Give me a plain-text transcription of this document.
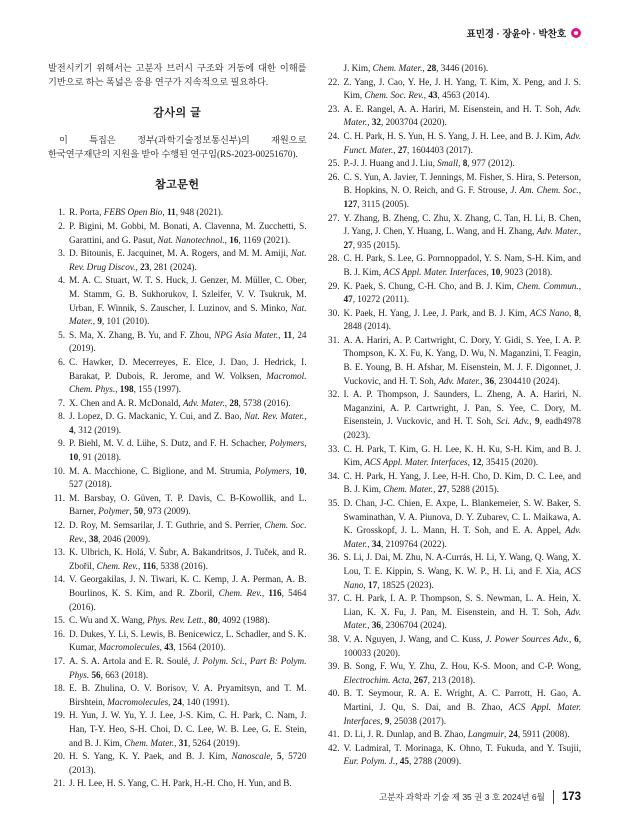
표민경 · 장윤아 · 박찬호

발전시키기 위해서는 고분자 브러시 구조와 거동에 대한 이해를 기반으로 하는 폭넓은 응용 연구가 지속적으로 필요하다.

감사의 글

이 특집은 정부(과학기술정보통신부)의 재원으로 한국연구재단의 지원을 받아 수행된 연구임(RS-2023-00251670).

참고문헌
1. R. Porta, FEBS Open Bio, 11, 948 (2021).
2. P. Bigini, M. Gobbi, M. Bonati, A. Clavenna, M. Zucchetti, S. Garattini, and G. Pasut, Nat. Nanotechnol., 16, 1169 (2021).
3. D. Bitounis, E. Jacquinet, M. A. Rogers, and M. M. Amiji, Nat. Rev. Drug Discov., 23, 281 (2024).
4. M. A. C. Stuart, W. T. S. Huck, J. Genzer, M. Müller, C. Ober, M. Stamm, G. B. Sukhorukov, I. Szleifer, V. V. Tsukruk, M. Urban, F. Winnik, S. Zauscher, I. Luzinov, and S. Minko, Nat. Mater., 9, 101 (2010).
5. S. Ma, X. Zhang, B. Yu, and F. Zhou, NPG Asia Mater., 11, 24 (2019).
6. C. Hawker, D. Mecerreyes, E. Elce, J. Dao, J. Hedrick, I. Barakat, P. Dubois, R. Jerome, and W. Volksen, Macromol. Chem. Phys., 198, 155 (1997).
7. X. Chen and A. R. McDonald, Adv. Mater., 28, 5738 (2016).
8. J. Lopez, D. G. Mackanic, Y. Cui, and Z. Bao, Nat. Rev. Mater., 4, 312 (2019).
9. P. Biehl, M. V. d. Lühe, S. Dutz, and F. H. Schacher, Polymers, 10, 91 (2018).
10. M. A. Macchione, C. Biglione, and M. Strumia, Polymers, 10, 527 (2018).
11. M. Barsbay, O. Güven, T. P. Davis, C. B-Kowollik, and L. Barner, Polymer, 50, 973 (2009).
12. D. Roy, M. Semsarilar, J. T. Guthrie, and S. Perrier, Chem. Soc. Rev., 38, 2046 (2009).
13. K. Ulbrich, K. Holá, V. Šubr, A. Bakandritsos, J. Tuček, and R. Zbořil, Chem. Rev., 116, 5338 (2016).
14. V. Georgakilas, J. N. Tiwari, K. C. Kemp, J. A. Perman, A. B. Bourlinos, K. S. Kim, and R. Zboril, Chem. Rev., 116, 5464 (2016).
15. C. Wu and X. Wang, Phys. Rev. Lett., 80, 4092 (1988).
16. D. Dukes, Y. Li, S. Lewis, B. Benicewicz, L. Schadler, and S. K. Kumar, Macromolecules, 43, 1564 (2010).
17. A. S. A. Artola and E. R. Soulé, J. Polym. Sci., Part B: Polym. Phys. 56, 663 (2018).
18. E. B. Zhulina, O. V. Borisov, V. A. Pryamitsyn, and T. M. Birshtein, Macromolecules, 24, 140 (1991).
19. H. Yun, J. W. Yu, Y. J. Lee, J-S. Kim, C. H. Park, C. Nam, J. Han, T-Y. Heo, S-H. Choi, D. C. Lee, W. B. Lee, G. E. Stein, and B. J. Kim, Chem. Mater., 31, 5264 (2019).
20. H. S. Yang, K. Y. Paek, and B. J. Kim, Nanoscale, 5, 5720 (2013).
21. J. H. Lee, H. S. Yang, C. H. Park, H.-H. Cho, H. Yun, and B.
J. Kim, Chem. Mater., 28, 3446 (2016).
22. Z. Yang, J. Cao, Y. He, J. H. Yang, T. Kim, X. Peng, and J. S. Kim, Chem. Soc. Rev., 43, 4563 (2014).
23. A. E. Rangel, A. A. Hariri, M. Eisenstein, and H. T. Soh, Adv. Mater., 32, 2003704 (2020).
24. C. H. Park, H. S. Yun, H. S. Yang, J. H. Lee, and B. J. Kim, Adv. Funct. Mater., 27, 1604403 (2017).
25. P.-J. J. Huang and J. Liu, Small, 8, 977 (2012).
26. C. S. Yun, A. Javier, T. Jennings, M. Fisher, S. Hira, S. Peterson, B. Hopkins, N. O. Reich, and G. F. Strouse, J. Am. Chem. Soc., 127, 3115 (2005).
27. Y. Zhang, B. Zheng, C. Zhu, X. Zhang, C. Tan, H. Li, B. Chen, J. Yang, J. Chen, Y. Huang, L. Wang, and H. Zhang, Adv. Mater., 27, 935 (2015).
28. C. H. Park, S. Lee, G. Pornnoppadol, Y. S. Nam, S-H. Kim, and B. J. Kim, ACS Appl. Mater. Interfaces, 10, 9023 (2018).
29. K. Paek, S. Chung, C-H. Cho, and B. J. Kim, Chem. Commun., 47, 10272 (2011).
30. K. Paek, H. Yang, J. Lee, J. Park, and B. J. Kim, ACS Nano, 8, 2848 (2014).
31. A. A. Hariri, A. P. Cartwright, C. Dory, Y. Gidi, S. Yee, I. A. P. Thompson, K. X. Fu, K. Yang, D. Wu, N. Maganzini, T. Feagin, B. E. Young, B. H. Afshar, M. Eisenstein, M. J. F. Digonnet, J. Vuckovic, and H. T. Soh, Adv. Mater., 36, 2304410 (2024).
32. I. A. P. Thompson, J. Saunders, L. Zheng, A. A. Hariri, N. Maganzini, A. P. Cartwright, J. Pan, S. Yee, C. Dory, M. Eisenstein, J. Vuckovic, and H. T. Soh, Sci. Adv., 9, eadh4978 (2023).
33. C. H. Park, T. Kim, G. H. Lee, K. H. Ku, S-H. Kim, and B. J. Kim, ACS Appl. Mater. Interfaces, 12, 35415 (2020).
34. C. H. Park, H. Yang, J. Lee, H-H. Cho, D. Kim, D. C. Lee, and B. J. Kim, Chem. Mater., 27, 5288 (2015).
35. D. Chan, J-C. Chien, E. Axpe, L. Blankemeier, S. W. Baker, S. Swaminathan, V. A. Piunova, D. Y. Zubarev, C. L. Maikawa, A. K. Grosskopf, J. L. Mann, H. T. Soh, and E. A. Appel, Adv. Mater., 34, 2109764 (2022).
36. S. Li, J. Dai, M. Zhu, N. A-Currás, H. Li, Y. Wang, Q. Wang, X. Lou, T. E. Kippin, S. Wang, K. W. P., H. Li, and F. Xia, ACS Nano, 17, 18525 (2023).
37. C. H. Park, I. A. P. Thompson, S. S. Newman, L. A. Hein, X. Lian, K. X. Fu, J. Pan, M. Eisenstein, and H. T. Soh, Adv. Mater., 36, 2306704 (2024).
38. V. A. Nguyen, J. Wang, and C. Kuss, J. Power Sources Adv., 6, 100033 (2020).
39. B. Song, F. Wu, Y. Zhu, Z. Hou, K-S. Moon, and C-P. Wong, Electrochim. Acta, 267, 213 (2018).
40. B. T. Seymour, R. A. E. Wright, A. C. Parrott, H. Gao, A. Martini, J. Qu, S. Dai, and B. Zhao, ACS Appl. Mater. Interfaces, 9, 25038 (2017).
41. D. Li, J. R. Dunlap, and B. Zhao, Langmuir, 24, 5911 (2008).
42. V. Ladmiral, T. Morinaga, K. Ohno, T. Fukuda, and Y. Tsujii, Eur. Polym. J., 45, 2788 (2009).
고분자 과학과 기술 제 35 권 3 호 2024년 6월 173
